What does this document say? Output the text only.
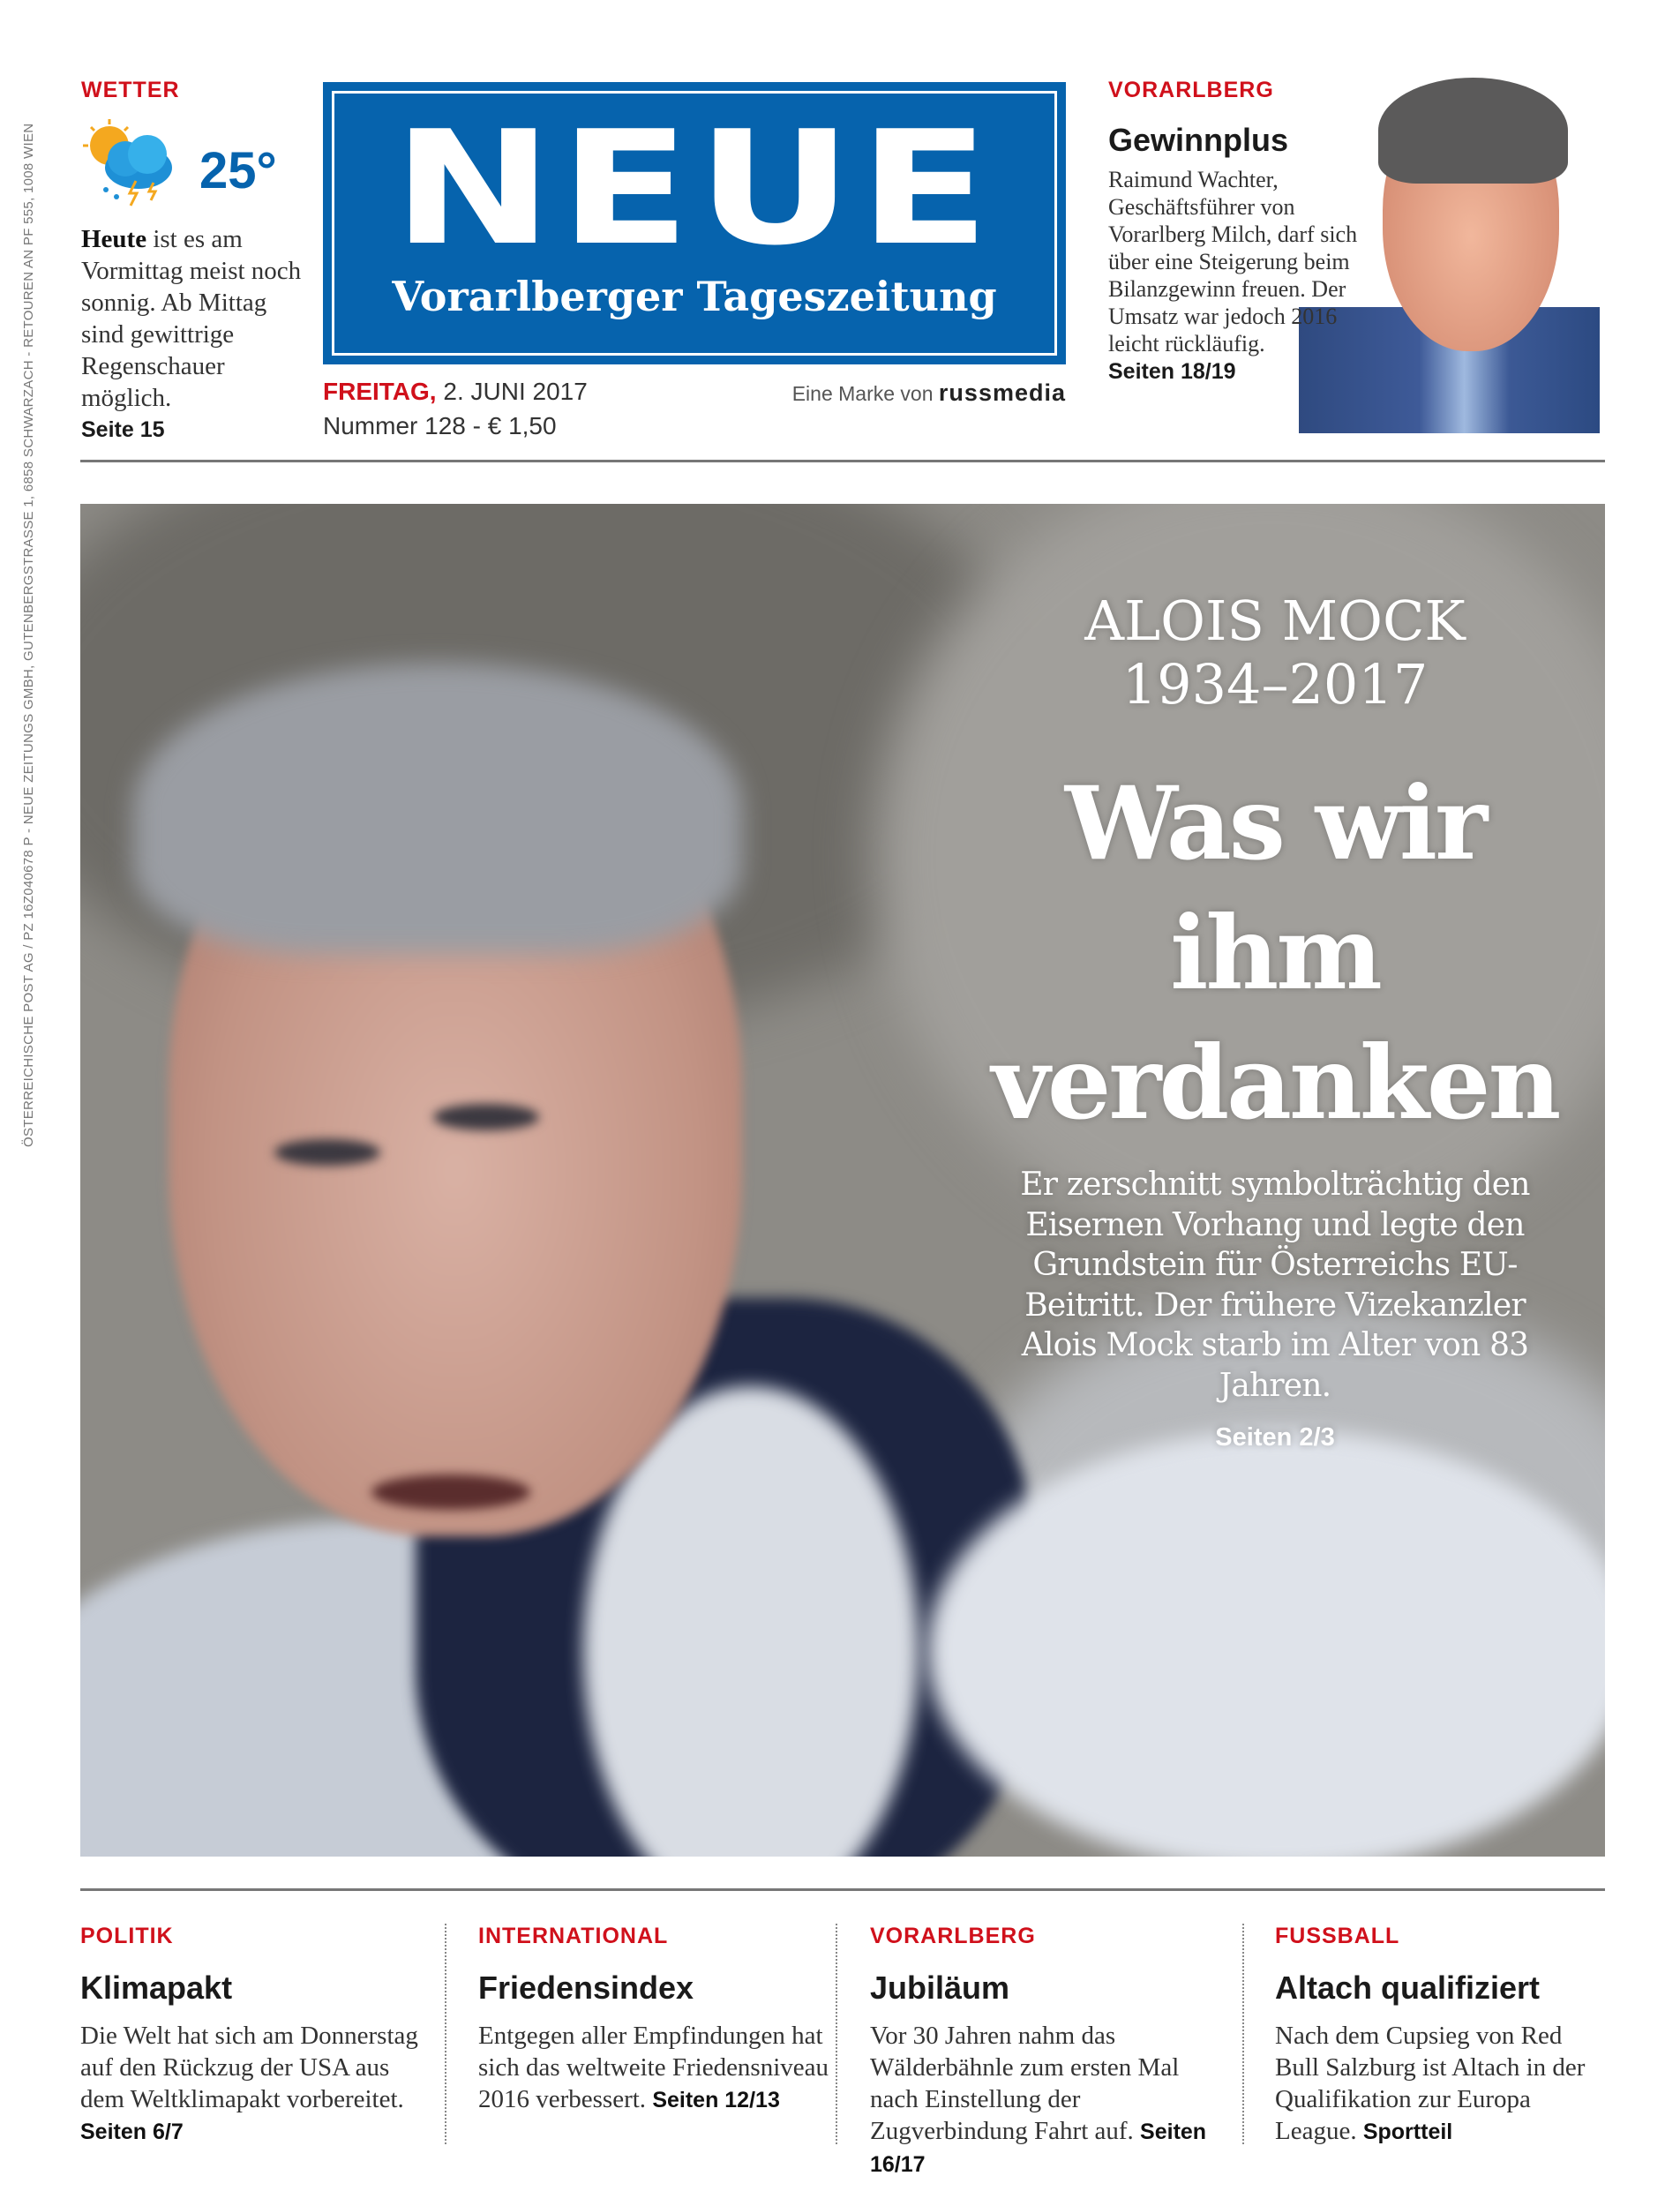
ÖSTERREICHISCHE POST AG / PZ 16Z040678 P - NEUE ZEITUNGS GMBH, GUTENBERGSTRASSE 1, 6858 SCHWARZACH - RETOUREN AN PF 555, 1008 WIEN
WETTER
25°
Heute ist es am Vormittag meist noch sonnig. Ab Mittag sind gewittrige Regenschauer möglich.
Seite 15
NEUE
Vorarlberger Tageszeitung
FREITAG, 2. JUNI 2017
Nummer 128 - € 1,50
Eine Marke von russmedia
VORARLBERG
Gewinnplus
Raimund Wachter, Geschäftsführer von Vorarlberg Milch, darf sich über eine Steigerung beim Bilanzgewinn freuen. Der Umsatz war jedoch 2016 leicht rückläufig.
Seiten 18/19
ALOIS MOCK
1934–2017
Was wir
ihm
verdanken
Er zerschnitt symbolträchtig den Eisernen Vorhang und legte den Grundstein für Österreichs EU-Beitritt. Der frühere Vizekanzler Alois Mock starb im Alter von 83 Jahren.
Seiten 2/3
POLITIK
Klimapakt
Die Welt hat sich am Donnerstag auf den Rückzug der USA aus dem Weltklimapakt vorbereitet. Seiten 6/7
INTERNATIONAL
Friedensindex
Entgegen aller Empfindungen hat sich das weltweite Friedensniveau 2016 verbessert. Seiten 12/13
VORARLBERG
Jubiläum
Vor 30 Jahren nahm das Wälderbähnle zum ersten Mal nach Einstellung der Zugverbindung Fahrt auf. Seiten 16/17
FUSSBALL
Altach qualifiziert
Nach dem Cupsieg von Red Bull Salzburg ist Altach in der Qualifikation zur Europa League. Sportteil
